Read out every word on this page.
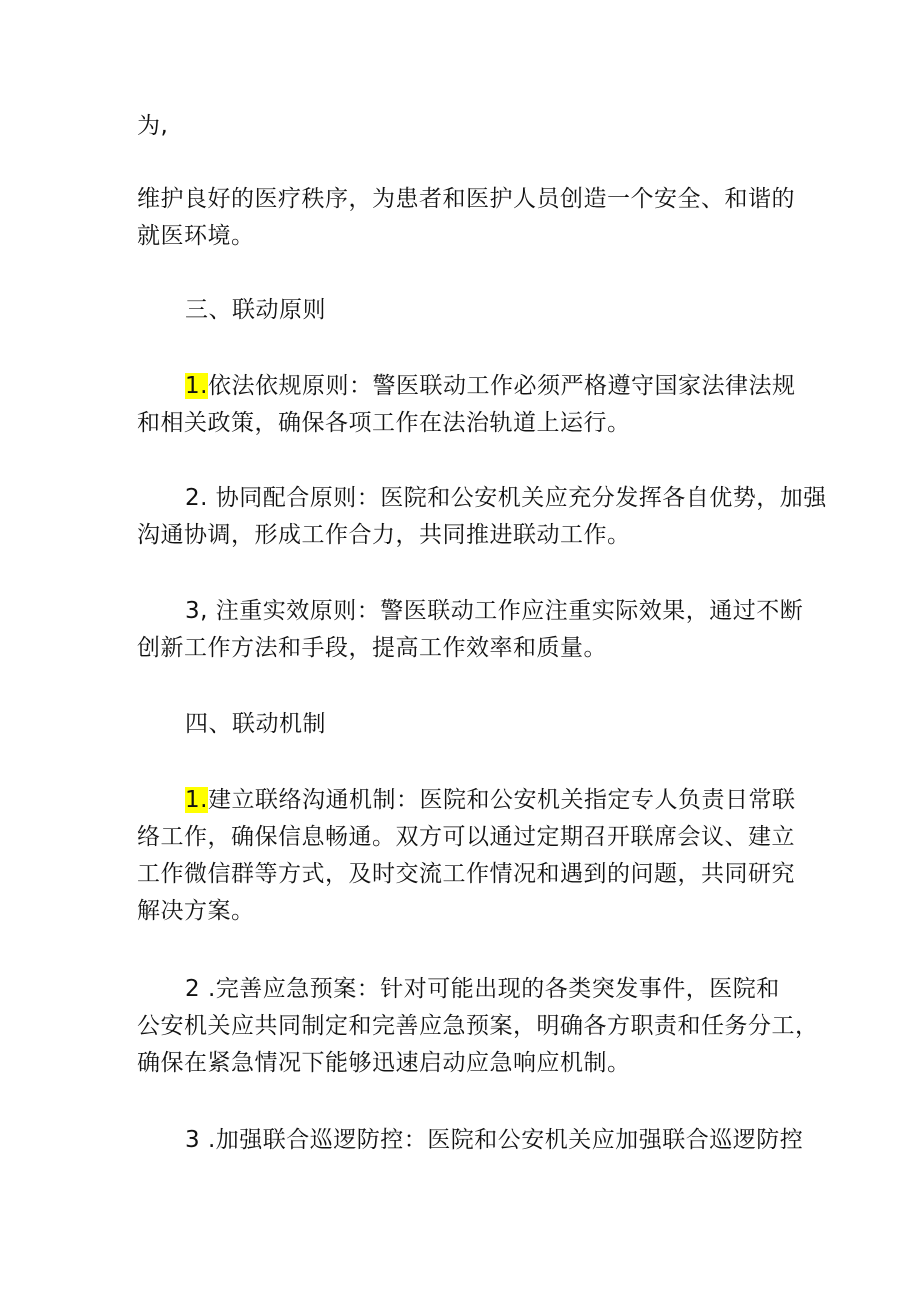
为,
维护良好的医疗秩序，为患者和医护人员创造一个安全、和谐的
就医环境。
三、联动原则
1.依法依规原则：警医联动工作必须严格遵守国家法律法规
和相关政策，确保各项工作在法治轨道上运行。
2. 协同配合原则：医院和公安机关应充分发挥各自优势，加强
沟通协调，形成工作合力，共同推进联动工作。
3, 注重实效原则：警医联动工作应注重实际效果，通过不断
创新工作方法和手段，提高工作效率和质量。
四、联动机制
1.建立联络沟通机制：医院和公安机关指定专人负责日常联
络工作，确保信息畅通。双方可以通过定期召开联席会议、建立
工作微信群等方式，及时交流工作情况和遇到的问题，共同研究
解决方案。
2 .完善应急预案：针对可能出现的各类突发事件，医院和
公安机关应共同制定和完善应急预案，明确各方职责和任务分工，
确保在紧急情况下能够迅速启动应急响应机制。
3 .加强联合巡逻防控：医院和公安机关应加强联合巡逻防控
